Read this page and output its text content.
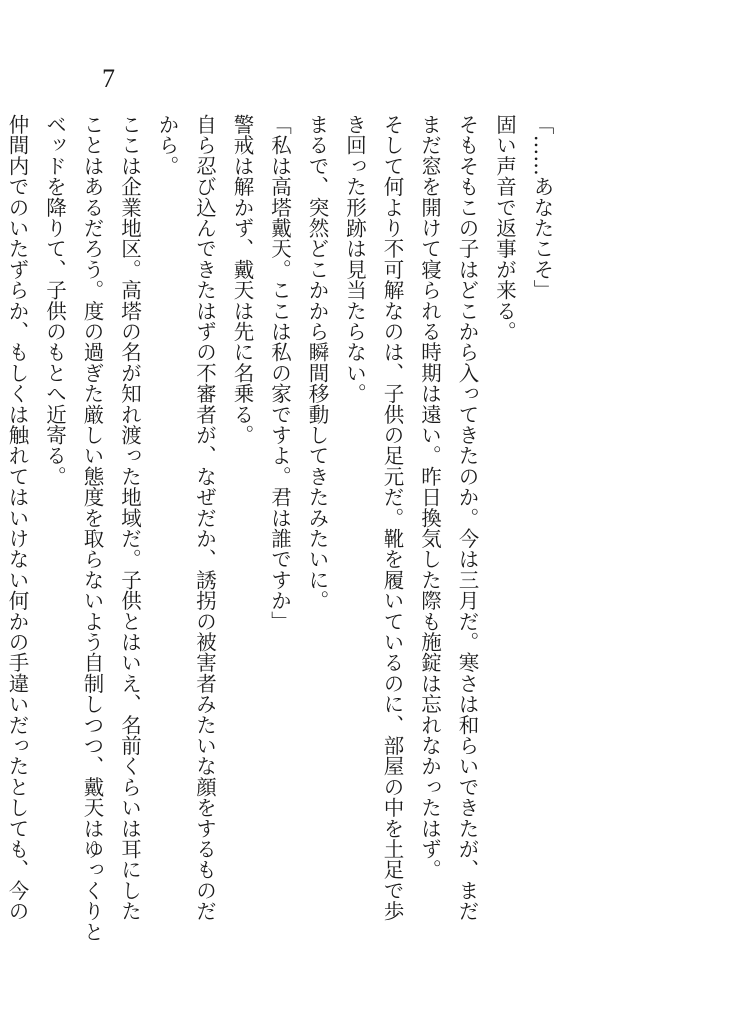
7
「……あなたこそ」
固い声音で返事が来る。
そもそもこの子はどこから入ってきたのか。今は三月だ。寒さは和らいできたが、まだ
まだ窓を開けて寝られる時期は遠い。昨日換気した際も施錠は忘れなかったはず。
そして何より不可解なのは、子供の足元だ。靴を履いているのに、部屋の中を土足で歩
き回った形跡は見当たらない。
まるで、突然どこかから瞬間移動してきたみたいに。
「私は高塔戴天。ここは私の家ですよ。君は誰ですか」
警戒は解かず、戴天は先に名乗る。
自ら忍び込んできたはずの不審者が、なぜだか、誘拐の被害者みたいな顔をするものだ
から。
ここは企業地区。高塔の名が知れ渡った地域だ。子供とはいえ、名前くらいは耳にした
ことはあるだろう。度の過ぎた厳しい態度を取らないよう自制しつつ、戴天はゆっくりと
ベッドを降りて、子供のもとへ近寄る。
仲間内でのいたずらか、もしくは触れてはいけない何かの手違いだったとしても、今の
